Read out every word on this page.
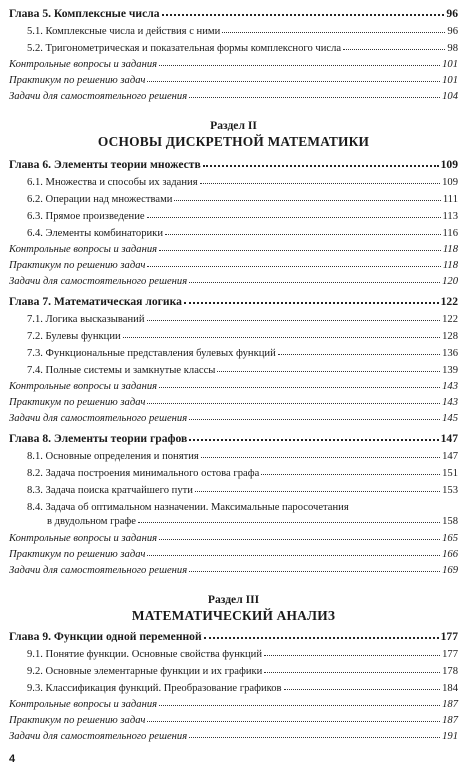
Глава 5. Комплексные числа	96
5.1. Комплексные числа и действия с ними	96
5.2. Тригонометрическая и показательная формы комплексного числа	98
Контрольные вопросы и задания	101
Практикум по решению задач	101
Задачи для самостоятельного решения	104
Раздел II
ОСНОВЫ ДИСКРЕТНОЙ МАТЕМАТИКИ
Глава 6. Элементы теории множеств	109
6.1. Множества и способы их задания	109
6.2. Операции над множествами	111
6.3. Прямое произведение	113
6.4. Элементы комбинаторики	116
Контрольные вопросы и задания	118
Практикум по решению задач	118
Задачи для самостоятельного решения	120
Глава 7. Математическая логика	122
7.1. Логика высказываний	122
7.2. Булевы функции	128
7.3. Функциональные представления булевых функций	136
7.4. Полные системы и замкнутые классы	139
Контрольные вопросы и задания	143
Практикум по решению задач	143
Задачи для самостоятельного решения	145
Глава 8. Элементы теории графов	147
8.1. Основные определения и понятия	147
8.2. Задача построения минимального остова графа	151
8.3. Задача поиска кратчайшего пути	153
8.4. Задача об оптимальном назначении. Максимальные паросочетания
в двудольном графе	158
Контрольные вопросы и задания	165
Практикум по решению задач	166
Задачи для самостоятельного решения	169
Раздел III
МАТЕМАТИЧЕСКИЙ АНАЛИЗ
Глава 9. Функции одной переменной	177
9.1. Понятие функции. Основные свойства функций	177
9.2. Основные элементарные функции и их графики	178
9.3. Классификация функций. Преобразование графиков	184
Контрольные вопросы и задания	187
Практикум по решению задач	187
Задачи для самостоятельного решения	191
4
